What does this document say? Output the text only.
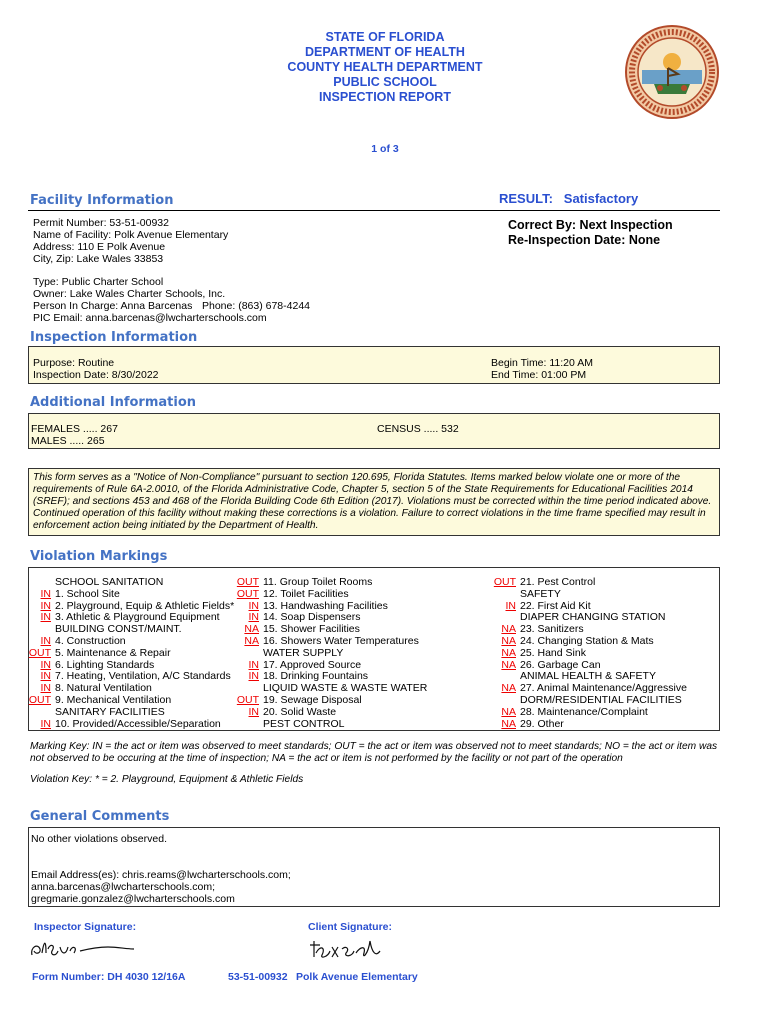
STATE OF FLORIDA
DEPARTMENT OF HEALTH
COUNTY HEALTH DEPARTMENT
PUBLIC SCHOOL
INSPECTION REPORT
1 of 3
Facility Information	RESULT: Satisfactory
Permit Number: 53-51-00932
Name of Facility: Polk Avenue Elementary
Address: 110 E Polk Avenue
City, Zip: Lake Wales 33853
Correct By: Next Inspection
Re-Inspection Date: None
Type: Public Charter School
Owner: Lake Wales Charter Schools, Inc.
Person In Charge: Anna Barcenas Phone: (863) 678-4244
PIC Email: anna.barcenas@lwcharterschools.com
Inspection Information
Purpose: Routine
Inspection Date: 8/30/2022
Begin Time: 11:20 AM
End Time: 01:00 PM
Additional Information
FEMALES ..... 267
MALES ..... 265
CENSUS ..... 532
This form serves as a "Notice of Non-Compliance" pursuant to section 120.695, Florida Statutes. Items marked below violate one or more of the requirements of Rule 6A-2.0010, of the Florida Administrative Code, Chapter 5, section 5 of the State Requirements for Educational Facilities 2014 (SREF); and sections 453 and 468 of the Florida Building Code 6th Edition (2017). Violations must be corrected within the time period indicated above. Continued operation of this facility without making these corrections is a violation. Failure to correct violations in the time frame specified may result in enforcement action being initiated by the Department of Health.
Violation Markings
SCHOOL SANITATION
IN 1. School Site
IN 2. Playground, Equip & Athletic Fields*
IN 3. Athletic & Playground Equipment
BUILDING CONST/MAINT.
IN 4. Construction
OUT 5. Maintenance & Repair
IN 6. Lighting Standards
IN 7. Heating, Ventilation, A/C Standards
IN 8. Natural Ventilation
OUT 9. Mechanical Ventilation
SANITARY FACILITIES
IN 10. Provided/Accessible/Separation
OUT 11. Group Toilet Rooms
OUT 12. Toilet Facilities
IN 13. Handwashing Facilities
IN 14. Soap Dispensers
NA 15. Shower Facilities
NA 16. Showers Water Temperatures
WATER SUPPLY
IN 17. Approved Source
IN 18. Drinking Fountains
LIQUID WASTE & WASTE WATER
OUT 19. Sewage Disposal
IN 20. Solid Waste
PEST CONTROL
OUT 21. Pest Control
SAFETY
IN 22. First Aid Kit
DIAPER CHANGING STATION
NA 23. Sanitizers
NA 24. Changing Station & Mats
NA 25. Hand Sink
NA 26. Garbage Can
ANIMAL HEALTH & SAFETY
NA 27. Animal Maintenance/Aggressive
DORM/RESIDENTIAL FACILITIES
NA 28. Maintenance/Complaint
NA 29. Other
Marking Key: IN = the act or item was observed to meet standards; OUT = the act or item was observed not to meet standards; NO = the act or item was not observed to be occuring at the time of inspection; NA = the act or item is not performed by the facility or not part of the operation
Violation Key: * = 2. Playground, Equipment & Athletic Fields
General Comments
No other violations observed.
Email Address(es): chris.reams@lwcharterschools.com;
anna.barcenas@lwcharterschools.com;
gregmarie.gonzalez@lwcharterschools.com
Inspector Signature:	Client Signature:
Form Number: DH 4030 12/16A	53-51-00932 Polk Avenue Elementary
